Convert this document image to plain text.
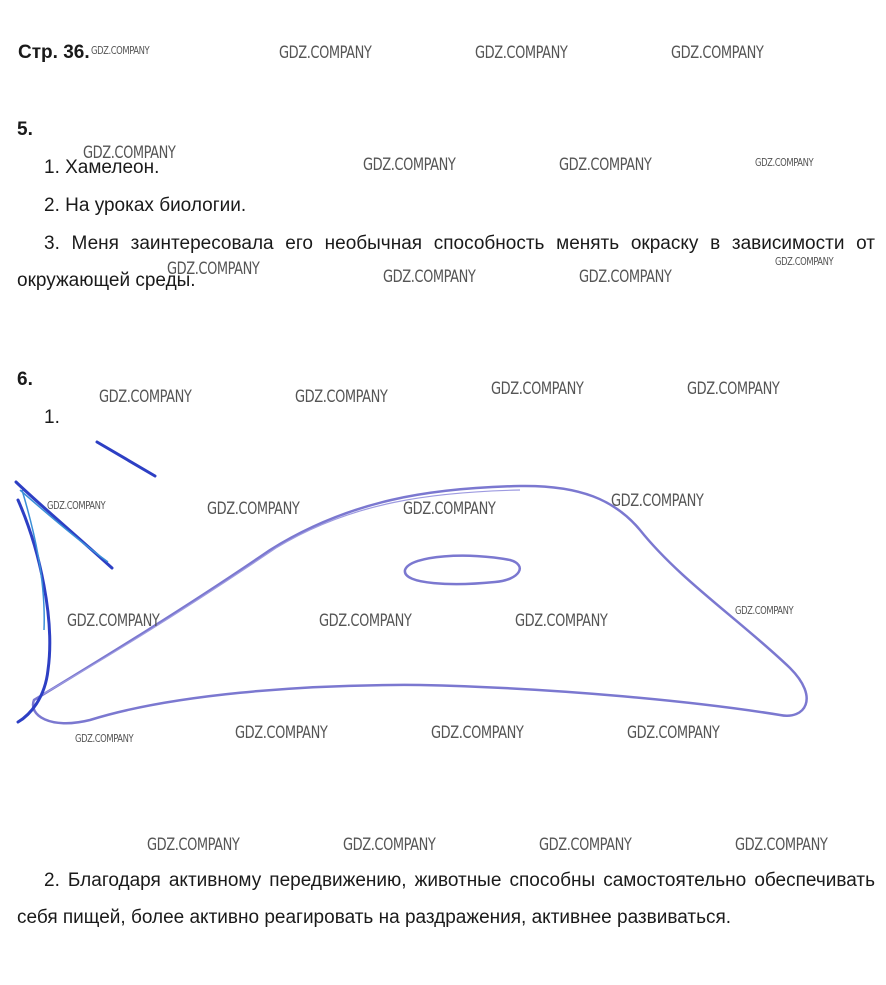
Стр. 36.
5.
1. Хамелеон.
2. На уроках биологии.
3. Меня заинтересовала его необычная способность менять окраску в зависимости от окружающей среды.
6.
1.
2. Благодаря активному передвижению, животные способны самостоятельно обеспечивать себя пищей, более активно реагировать на раздражения, активнее развиваться.
GDZ.COMPANY	GDZ.COMPANY	GDZ.COMPANY
GDZ.COMPANY
GDZ.COMPANY
GDZ.COMPANY	GDZ.COMPANY	GDZ.COMPANY
GDZ.COMPANY	GDZ.COMPANY	GDZ.COMPANY
GDZ.COMPANY
GDZ.COMPANY	GDZ.COMPANY	GDZ.COMPANY	GDZ.COMPANY
GDZ.COMPANY	GDZ.COMPANY	GDZ.COMPANY	GDZ.COMPANY
GDZ.COMPANY	GDZ.COMPANY	GDZ.COMPANY
GDZ.COMPANY
GDZ.COMPANY	GDZ.COMPANY	GDZ.COMPANY	GDZ.COMPANY
GDZ.COMPANY	GDZ.COMPANY	GDZ.COMPANY	GDZ.COMPANY
